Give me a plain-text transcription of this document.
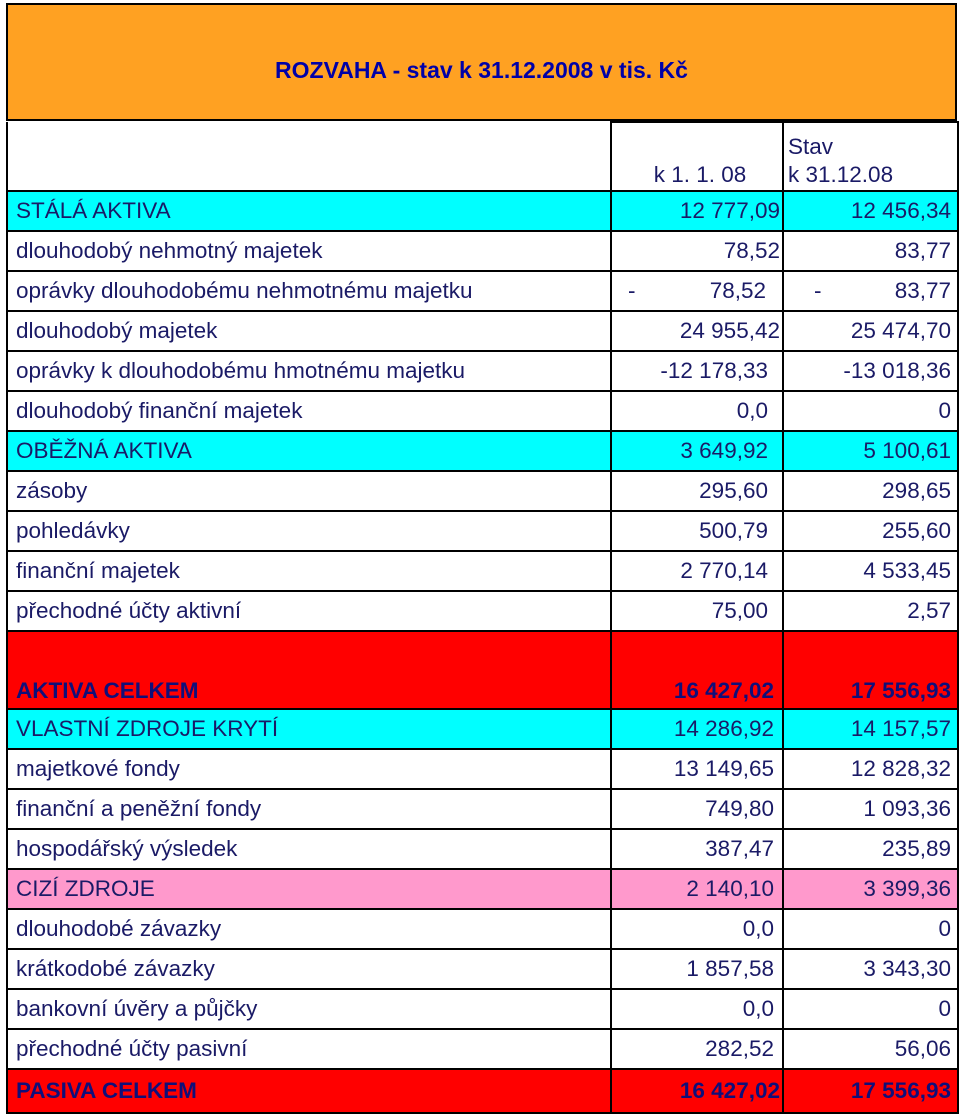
ROZVAHA - stav k 31.12.2008 v tis. Kč
	k 1. 1. 08	Stav
k 31.12.08
STÁLÁ AKTIVA	12 777,09	12 456,34
dlouhodobý nehmotný majetek	78,52	83,77
oprávky dlouhodobému nehmotnému majetku	- 78,52	- 83,77

dlouhodobý majetek	24 955,42	25 474,70
oprávky k dlouhodobému hmotnému majetku	-12 178,33	-13 018,36
dlouhodobý finanční majetek	0,0	0
OBĚŽNÁ AKTIVA	3 649,92	5 100,61
zásoby	295,60	298,65
pohledávky	500,79	255,60
finanční majetek	2 770,14	4 533,45
přechodné účty aktivní	75,00	2,57
AKTIVA CELKEM	16 427,02	17 556,93
VLASTNÍ ZDROJE KRYTÍ	14 286,92	14 157,57
majetkové fondy	13 149,65	12 828,32
finanční a peněžní fondy	749,80	1 093,36
hospodářský výsledek	387,47	235,89
CIZÍ ZDROJE	2 140,10	3 399,36
dlouhodobé závazky	0,0	0
krátkodobé závazky	1 857,58	3 343,30
bankovní úvěry a půjčky	0,0	0
přechodné účty pasivní	282,52	56,06
PASIVA CELKEM	16 427,02	17 556,93
